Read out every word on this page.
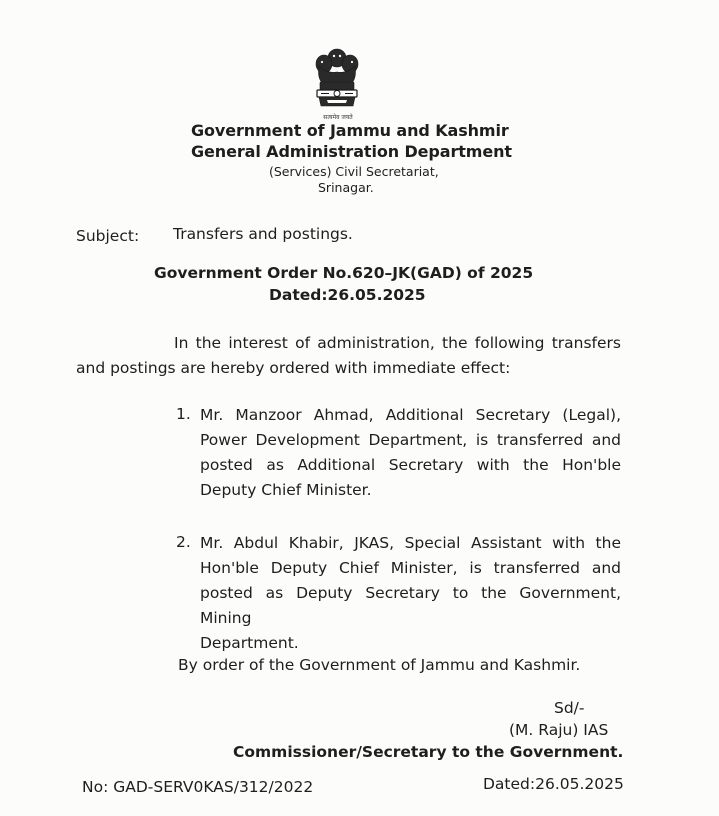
सत्यमेव जयते
Government of Jammu and Kashmir
General Administration Department
(Services) Civil Secretariat,
Srinagar.
Subject: Transfers and postings.
Government Order No.620–JK(GAD) of 2025
Dated:26.05.2025
In the interest of administration, the following transfers
and postings are hereby ordered with immediate effect:
1. Mr. Manzoor Ahmad, Additional Secretary (Legal),
Power Development Department, is transferred and
posted as Additional Secretary with the Hon'ble
Deputy Chief Minister.
2. Mr. Abdul Khabir, JKAS, Special Assistant with the
Hon'ble Deputy Chief Minister, is transferred and
posted as Deputy Secretary to the Government, Mining
Department.
By order of the Government of Jammu and Kashmir.
Sd/-
(M. Raju) IAS
Commissioner/Secretary to the Government.
No: GAD-SERV0KAS/312/2022	Dated:26.05.2025
